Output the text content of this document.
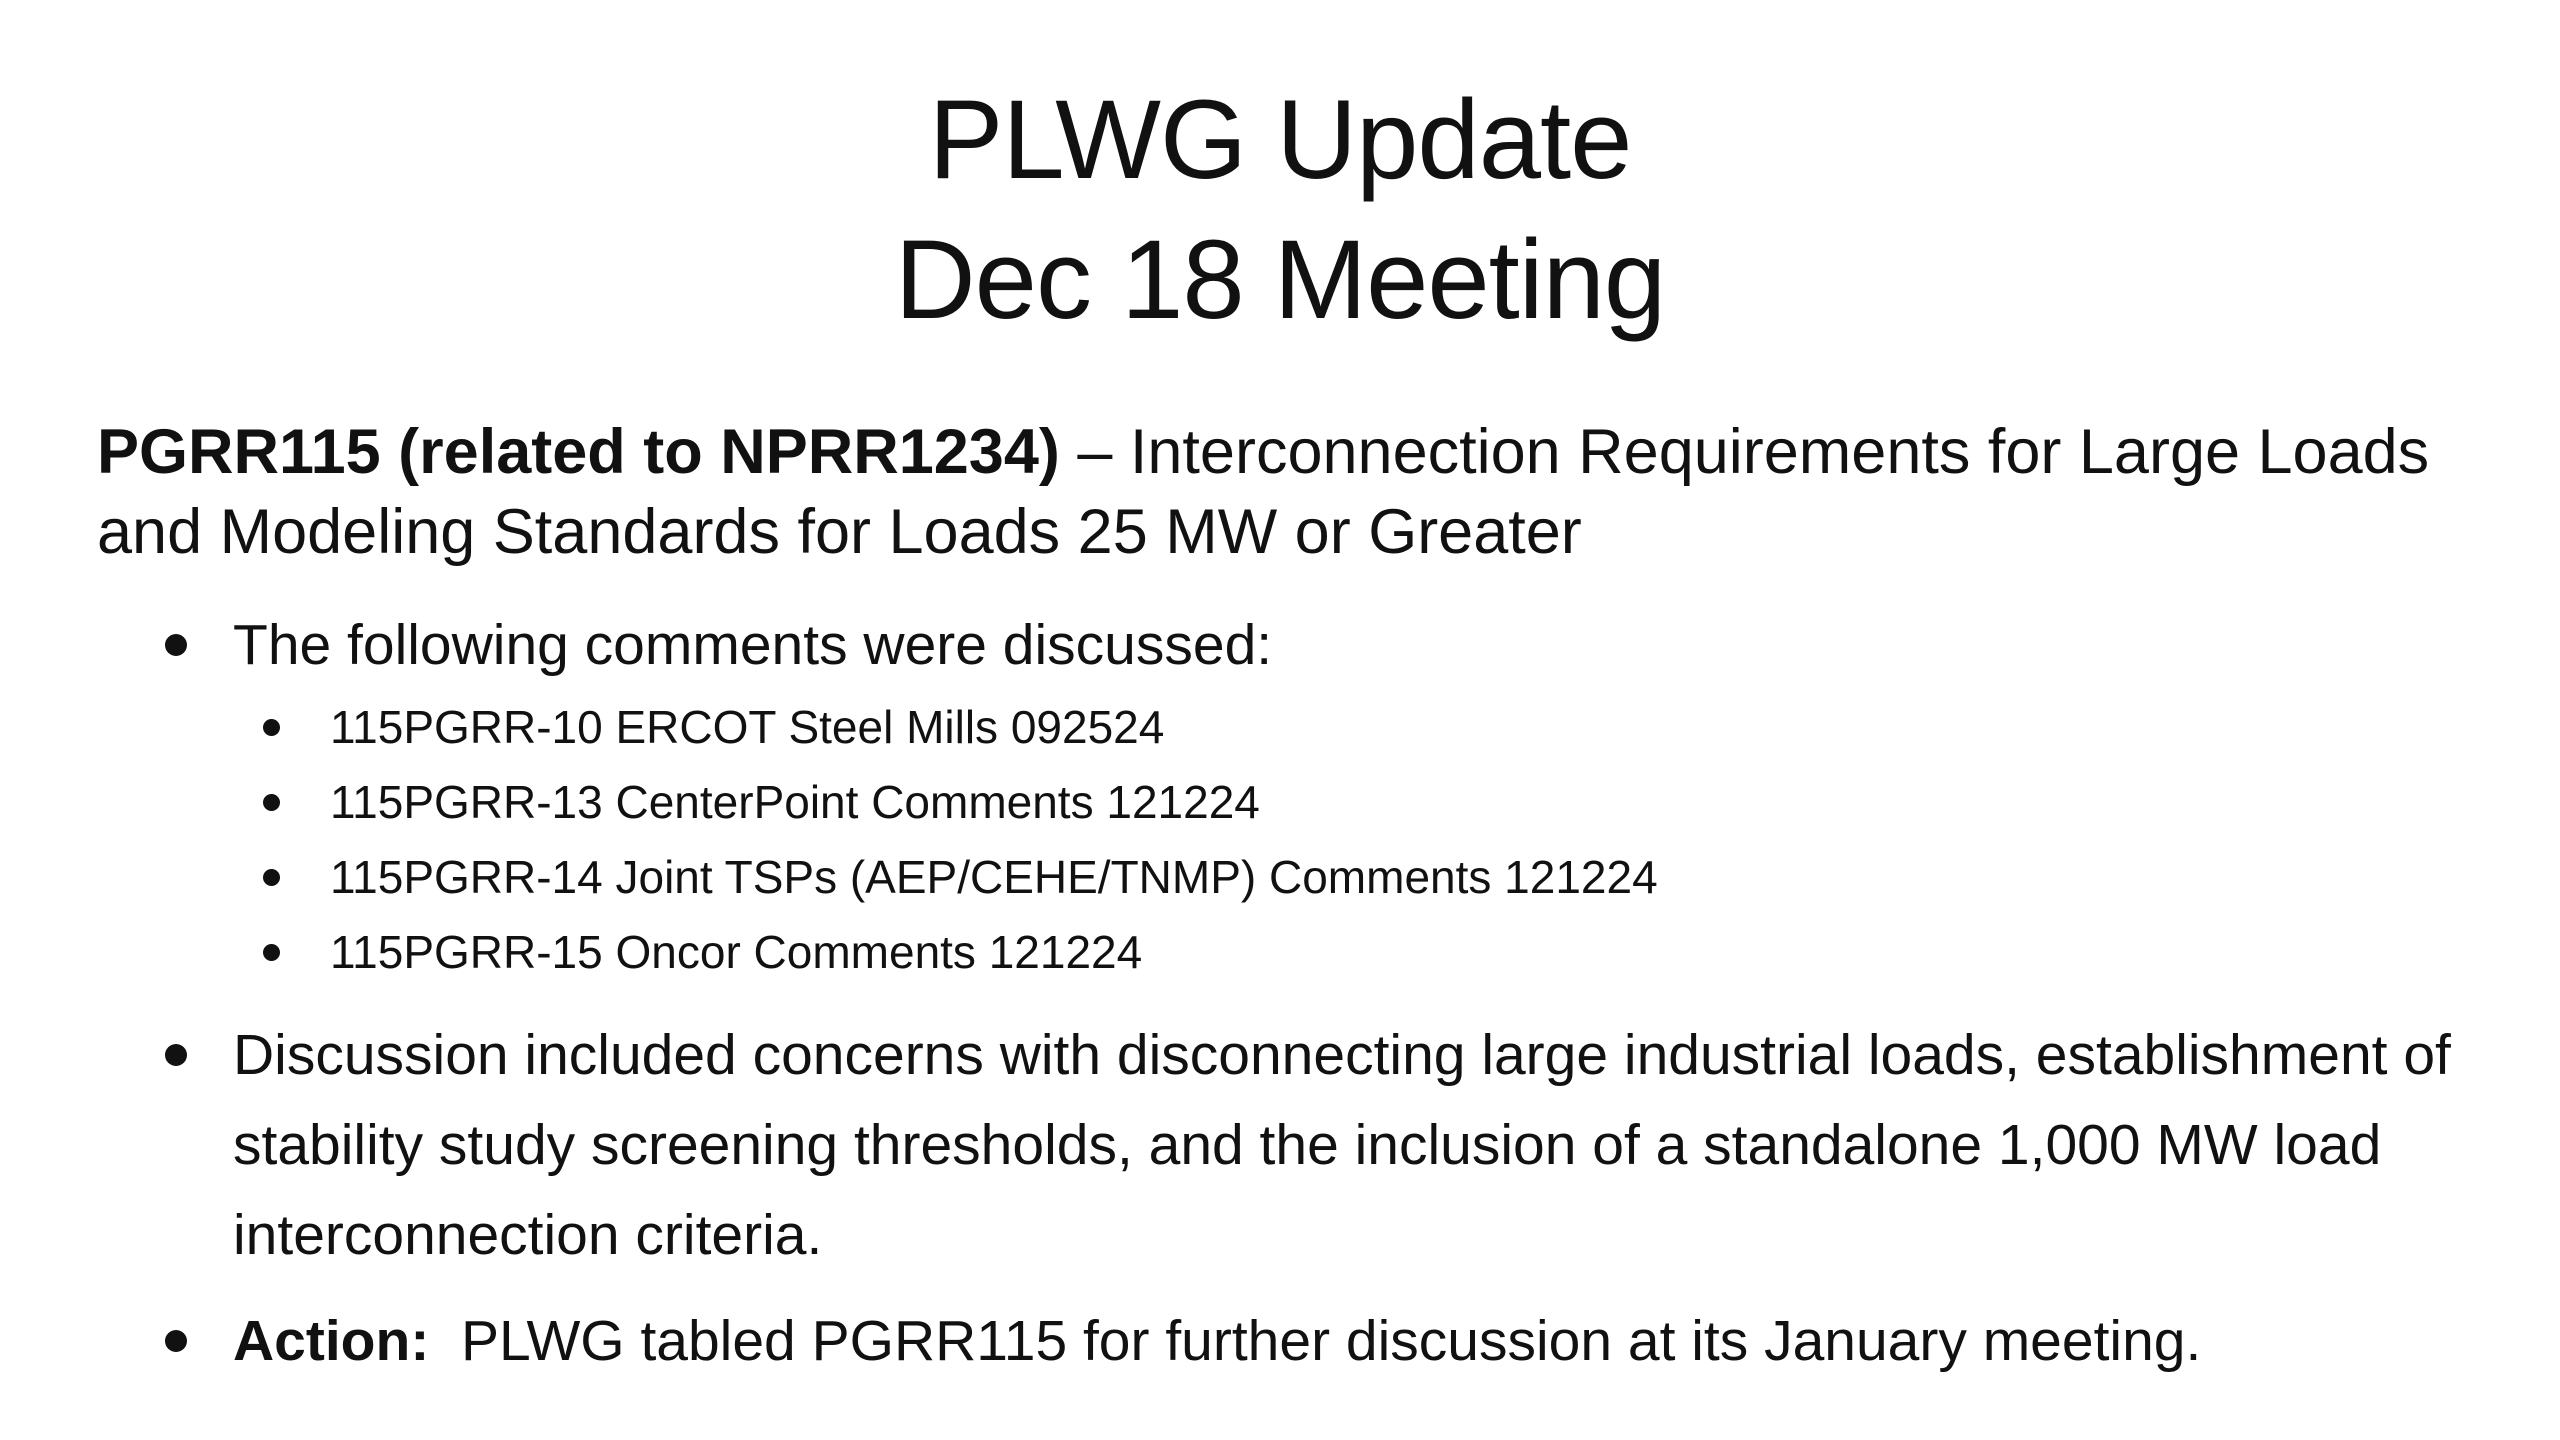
PLWG Update
Dec 18 Meeting
PGRR115 (related to NPRR1234) – Interconnection Requirements for Large Loads and Modeling Standards for Loads 25 MW or Greater
The following comments were discussed:
115PGRR-10 ERCOT Steel Mills 092524
115PGRR-13 CenterPoint Comments 121224
115PGRR-14 Joint TSPs (AEP/CEHE/TNMP) Comments 121224
115PGRR-15 Oncor Comments 121224
Discussion included concerns with disconnecting large industrial loads, establishment of stability study screening thresholds, and the inclusion of a standalone 1,000 MW load interconnection criteria.
Action:  PLWG tabled PGRR115 for further discussion at its January meeting.
